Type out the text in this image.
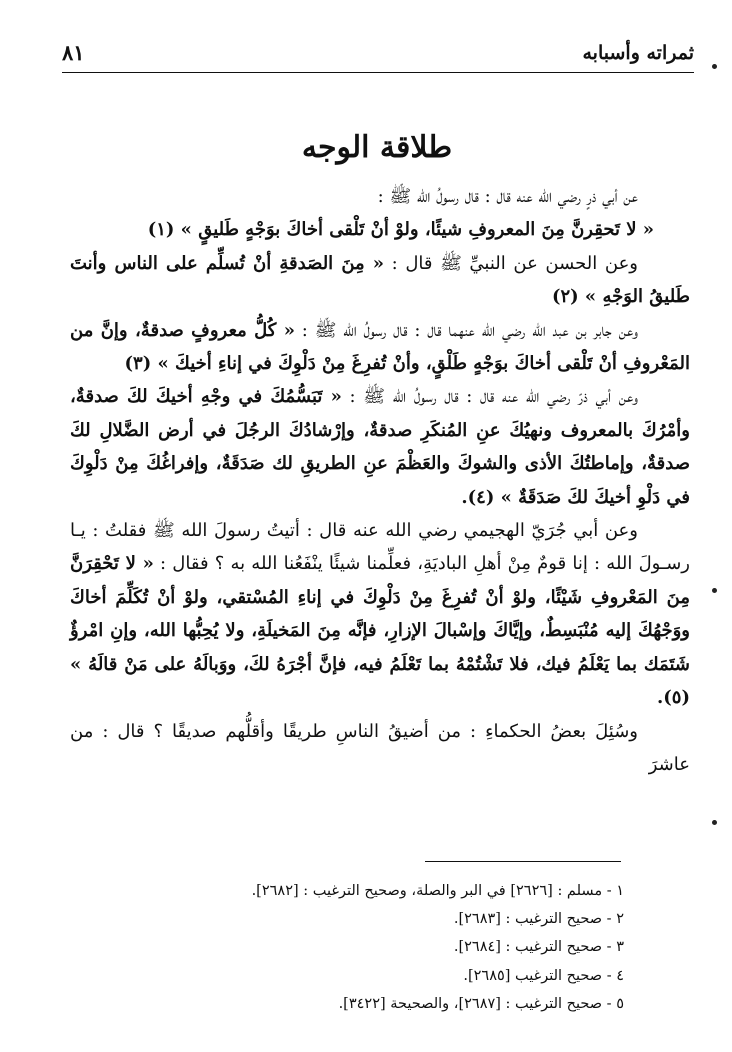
ثمراته وأسبابه
٨١
طلاقة الوجه

عن أبي ذرٍ رضي الله عنه قال : قال رسولُ الله ﷺ :

« لا تَحقِرنَّ مِنَ المعروفِ شيئًا، ولوْ أنْ تَلْقى أخاكَ بوَجْهٍ طَليقٍ » (١)

وعن الحسن عن النبيِّ ﷺ قال : « مِنَ الصَدقةِ أنْ تُسلِّم على الناس وأنتَ طَليقُ الوَجْهِ » (٢)

وعن جابر بن عبد الله رضي الله عنهما قال : قال رسولُ الله ﷺ : « كُلُّ معروفٍ صدقةٌ، وإنَّ من المَعْروفِ أنْ تَلْقى أخاكَ بوَجْهٍ طَلْقٍ، وأنْ تُفرِغَ مِنْ دَلْوِكَ في إناءِ أخيكَ » (٣)

وعن أبي ذرّ رضي الله عنه قال : قال رسولُ الله ﷺ : « تَبَسُّمُكَ في وجْهِ أخيكَ لكَ صدقةٌ، وأمْرُكَ بالمعروف ونهيُكَ عنِ المُنكَرِ صدقةٌ، وإرْشادُكَ الرجُلَ في أرض الضَّلالِ لكَ صدقةٌ، وإماطتُكَ الأذى والشوكَ والعَظْمَ عنِ الطريقِ لك صَدَقَةٌ، وإفراغُكَ مِنْ دَلْوِكَ في دَلْوِ أخيكَ لكَ صَدَقَةٌ » (٤).

وعن أبي جُرَيّ الهجيمي رضي الله عنه قال : أتيتُ رسولَ الله ﷺ فقلتُ : يـا رسـولَ الله : إنا قومٌ مِنْ أهلِ الباديَةِ، فعلِّمنا شيئًا ينْفَعُنا الله به ؟ فقال : « لا تَحْقِرَنَّ مِنَ المَعْروفِ شَيْئًا، ولوْ أنْ تُفرِغَ مِنْ دَلْوِكَ في إناءِ المُسْتقي، ولوْ أنْ تُكَلِّمَ أخاكَ ووَجْهُكَ إليه مُنْبَسِطٌ، وإيَّاكَ وإسْبالَ الإزارِ، فإنَّه مِنَ المَخيلَةِ، ولا يُحِبُّها الله، وإنِ امْرؤٌ شَتَمَك بما يَعْلَمُ فيك، فلا تَشْتُمْهُ بما تَعْلَمُ فيه، فإنَّ أجْرَهُ لكَ، ووَبالَهُ على مَنْ قالَهُ » (٥).

وسُئِلَ بعضُ الحكماءِ : من أضيقُ الناسِ طريقًا وأقلُّهم صديقًا ؟ قال : من عاشرَ

١ - مسلم : [٢٦٢٦] في البر والصلة، وصحيح الترغيب : [٢٦٨٢].
٢ - صحيح الترغيب : [٢٦٨٣].
٣ - صحيح الترغيب : [٢٦٨٤].
٤ - صحيح الترغيب [٢٦٨٥].
٥ - صحيح الترغيب : [٢٦٨٧]، والصحيحة [٣٤٢٢].
